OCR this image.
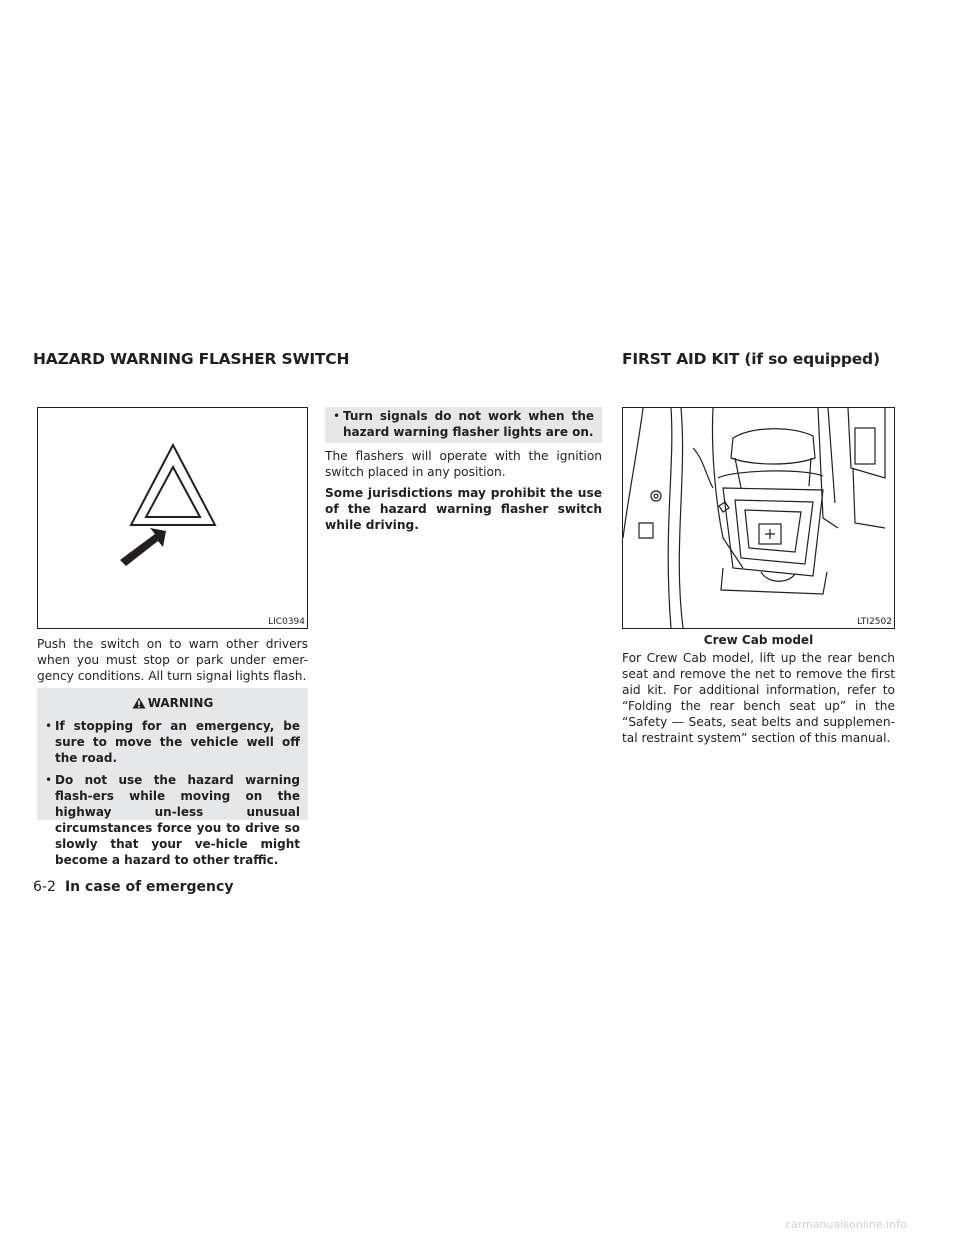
HAZARD WARNING FLASHER SWITCH	FIRST AID KIT (if so equipped)
LIC0394

Push the switch on to warn other drivers when you must stop or park under emer-gency conditions. All turn signal lights flash.

WARNING
• If stopping for an emergency, be sure to move the vehicle well off the road.
• Do not use the hazard warning flash-ers while moving on the highway un-less unusual circumstances force you to drive so slowly that your ve-hicle might become a hazard to other traffic.
• Turn signals do not work when the hazard warning flasher lights are on.

The flashers will operate with the ignition switch placed in any position.

Some jurisdictions may prohibit the use of the hazard warning flasher switch while driving.

LTI2502
Crew Cab model

For Crew Cab model, lift up the rear bench seat and remove the net to remove the first aid kit. For additional information, refer to “Folding the rear bench seat up” in the “Safety — Seats, seat belts and supplemen-tal restraint system” section of this manual.

6-2 In case of emergency
carmanualsonline.info
